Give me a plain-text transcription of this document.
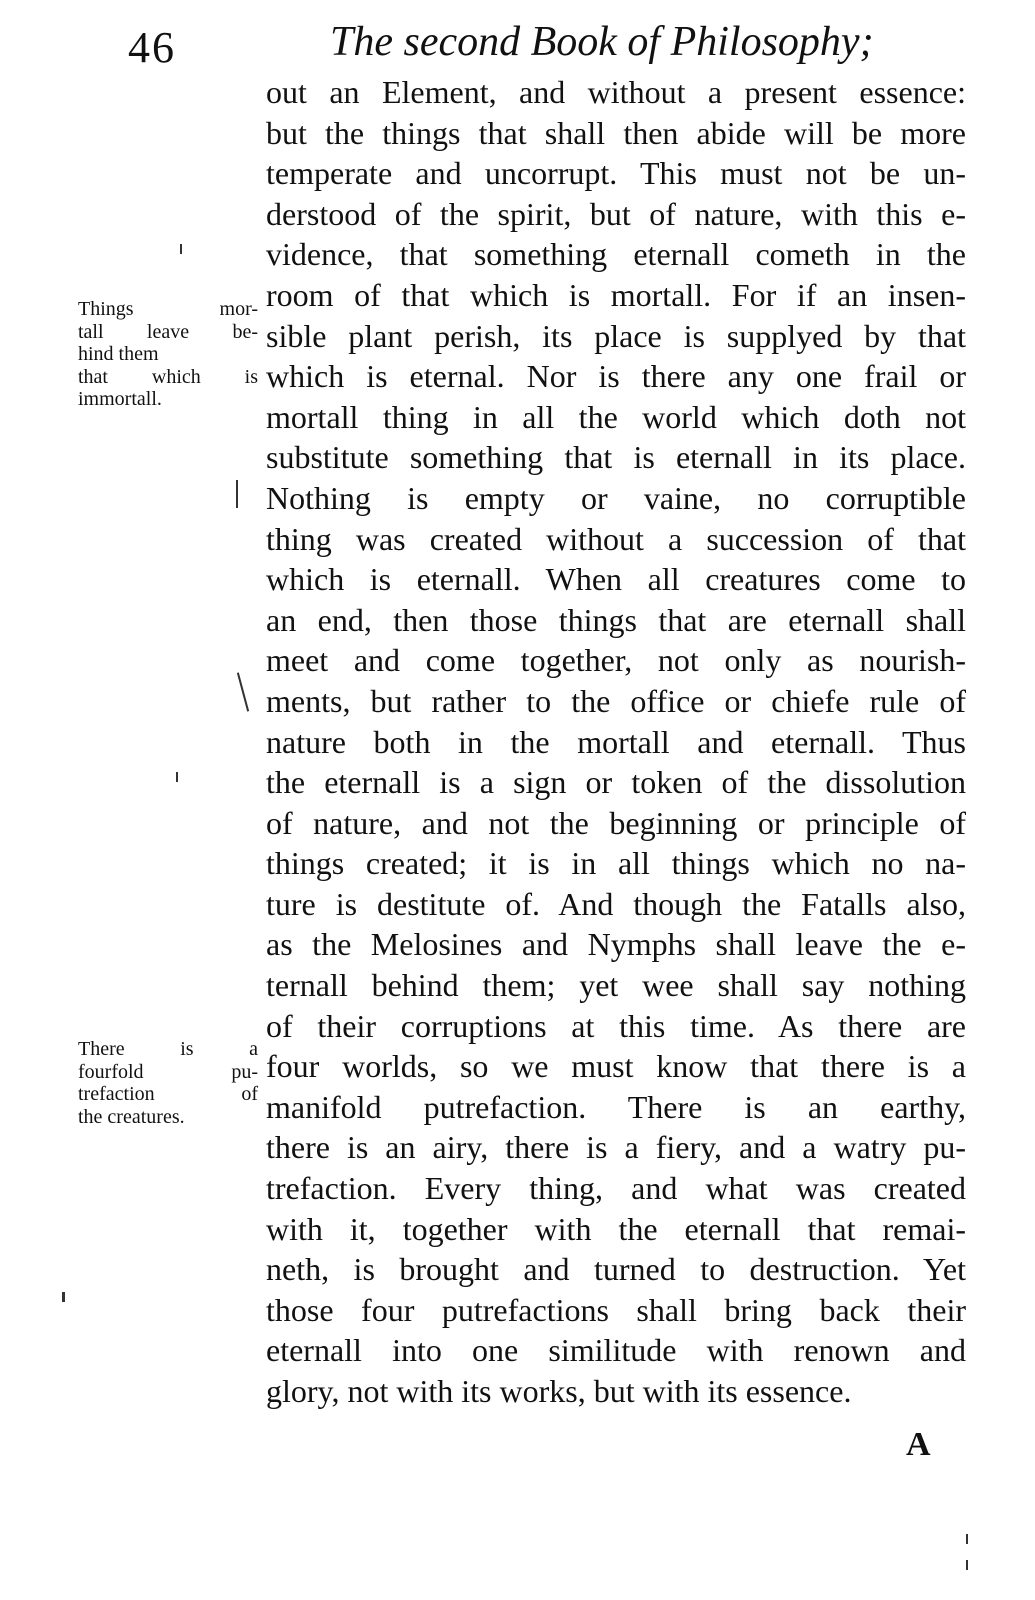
46	The second Book of Philosophy;
Things mor-
tall leave be-
hind them
that which is
immortall.
There is a
fourfold pu-
trefaction of
the creatures.
out an Element, and without a present essence:
but the things that shall then abide will be more
temperate and uncorrupt. This must not be un-
derstood of the spirit, but of nature, with this e-
vidence, that something eternall cometh in the
room of that which is mortall. For if an insen-
sible plant perish, its place is supplyed by that
which is eternal. Nor is there any one frail or
mortall thing in all the world which doth not
substitute something that is eternall in its place.
Nothing is empty or vaine, no corruptible
thing was created without a succession of that
which is eternall. When all creatures come to
an end, then those things that are eternall shall
meet and come together, not only as nourish-
ments, but rather to the office or chiefe rule of
nature both in the mortall and eternall. Thus
the eternall is a sign or token of the dissolution
of nature, and not the beginning or principle of
things created; it is in all things which no na-
ture is destitute of. And though the Fatalls also,
as the Melosines and Nymphs shall leave the e-
ternall behind them; yet wee shall say nothing
of their corruptions at this time. As there are
four worlds, so we must know that there is a
manifold putrefaction. There is an earthy,
there is an airy, there is a fiery, and a watry pu-
trefaction. Every thing, and what was created
with it, together with the eternall that remai-
neth, is brought and turned to destruction. Yet
those four putrefactions shall bring back their
eternall into one similitude with renown and
glory, not with its works, but with its essence.
A
